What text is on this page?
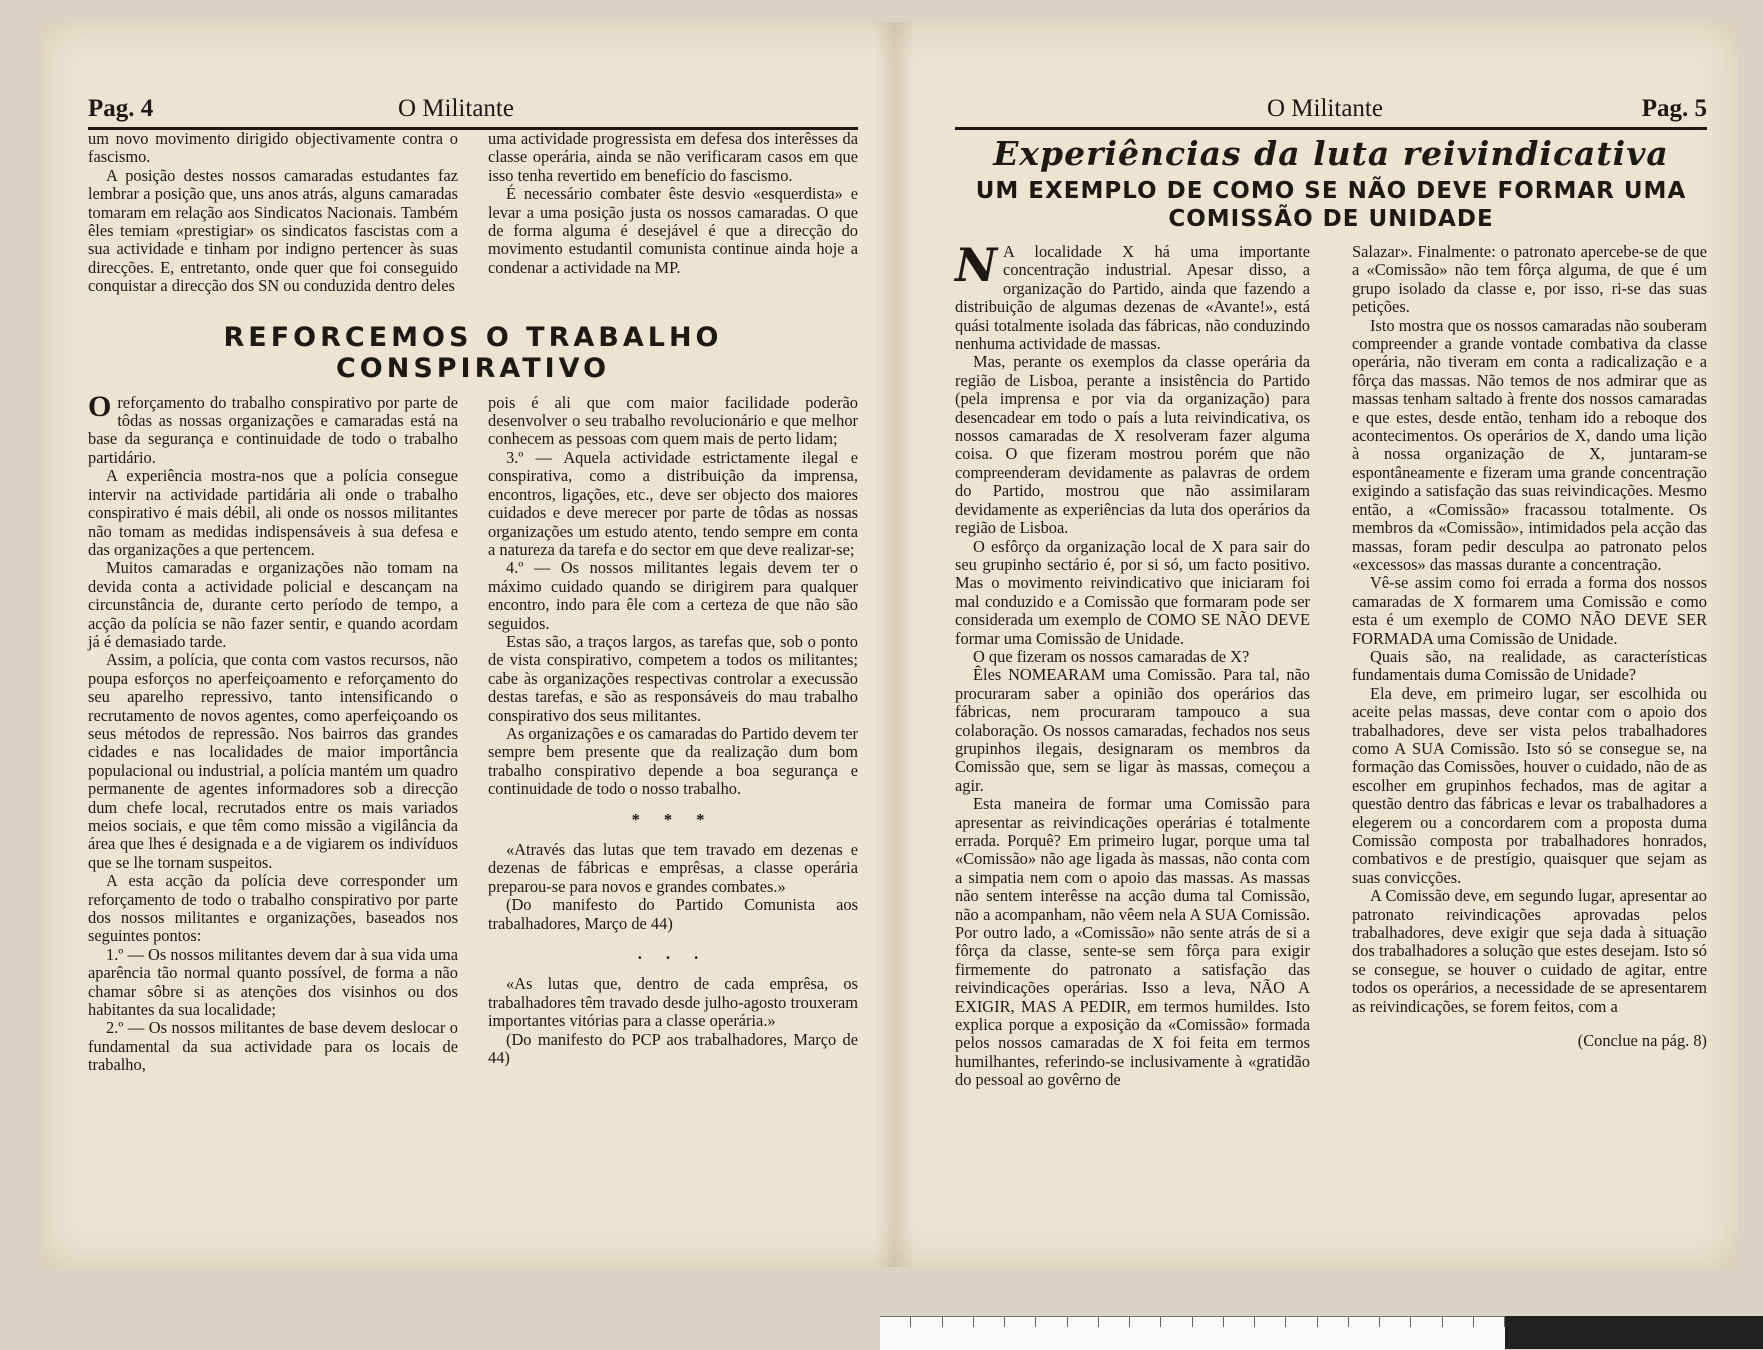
Pag. 4	O Militante

um novo movimento dirigido objectivamente contra o fascismo.

A posição destes nossos camaradas estudantes faz lembrar a posição que, uns anos atrás, alguns camaradas tomaram em relação aos Sindicatos Nacionais. Também êles temiam «prestigiar» os sindicatos fascistas com a sua actividade e tinham por indigno pertencer às suas direcções. E, entretanto, onde quer que foi conseguido conquistar a direcção dos SN ou conduzida dentro deles

uma actividade progressista em defesa dos interêsses da classe operária, ainda se não verificaram casos em que isso tenha revertido em benefício do fascismo.

É necessário combater êste desvio «esquerdista» e levar a uma posição justa os nossos camaradas. O que de forma alguma é desejável é que a direcção do movimento estudantil comunista continue ainda hoje a condenar a actividade na MP.

REFORCEMOS O TRABALHO CONSPIRATIVO

Oreforçamento do trabalho conspirativo por parte de tôdas as nossas organizações e camaradas está na base da segurança e continuidade de todo o trabalho partidário.

A experiência mostra-nos que a polícia consegue intervir na actividade partidária ali onde o trabalho conspirativo é mais débil, ali onde os nossos militantes não tomam as medidas indispensáveis à sua defesa e das organizações a que pertencem.

Muitos camaradas e organizações não tomam na devida conta a actividade policial e descançam na circunstância de, durante certo período de tempo, a acção da polícia se não fazer sentir, e quando acordam já é demasiado tarde.

Assim, a polícia, que conta com vastos recursos, não poupa esforços no aperfeiçoamento e reforçamento do seu aparelho repressivo, tanto intensificando o recrutamento de novos agentes, como aperfeiçoando os seus métodos de repressão. Nos bairros das grandes cidades e nas localidades de maior importância populacional ou industrial, a polícia mantém um quadro permanente de agentes informadores sob a direcção dum chefe local, recrutados entre os mais variados meios sociais, e que têm como missão a vigilância da área que lhes é designada e a de vigiarem os indivíduos que se lhe tornam suspeitos.

A esta acção da polícia deve corresponder um reforçamento de todo o trabalho conspirativo por parte dos nossos militantes e organizações, baseados nos seguintes pontos:

1.º — Os nossos militantes devem dar à sua vida uma aparência tão normal quanto possível, de forma a não chamar sôbre si as atenções dos visinhos ou dos habitantes da sua localidade;

2.º — Os nossos militantes de base devem deslocar o fundamental da sua actividade para os locais de trabalho,

pois é ali que com maior facilidade poderão desenvolver o seu trabalho revolucionário e que melhor conhecem as pessoas com quem mais de perto lidam;

3.º — Aquela actividade estrictamente ilegal e conspirativa, como a distribuição da imprensa, encontros, ligações, etc., deve ser objecto dos maiores cuidados e deve merecer por parte de tôdas as nossas organizações um estudo atento, tendo sempre em conta a natureza da tarefa e do sector em que deve realizar-se;

4.º — Os nossos militantes legais devem ter o máximo cuidado quando se dirigirem para qualquer encontro, indo para êle com a certeza de que não são seguidos.

Estas são, a traços largos, as tarefas que, sob o ponto de vista conspirativo, competem a todos os militantes; cabe às organizações respectivas controlar a execussão destas tarefas, e são as responsáveis do mau trabalho conspirativo dos seus militantes.

As organizações e os camaradas do Partido devem ter sempre bem presente que da realização dum bom trabalho conspirativo depende a boa segurança e continuidade de todo o nosso trabalho.

* * *

«Através das lutas que tem travado em dezenas e dezenas de fábricas e emprêsas, a classe operária preparou-se para novos e grandes combates.»

(Do manifesto do Partido Comunista aos trabalhadores, Março de 44)

. . .

«As lutas que, dentro de cada emprêsa, os trabalhadores têm travado desde julho-agosto trouxeram importantes vitórias para a classe operária.»

(Do manifesto do PCP aos trabalhadores, Março de 44)

O Militante	Pag. 5
Experiências da luta reivindicativa
UM EXEMPLO DE COMO SE NÃO DEVE FORMAR UMA COMISSÃO DE UNIDADE

N A localidade X há uma importante concentração industrial. Apesar disso, a organização do Partido, ainda que fazendo a distribuição de algumas dezenas de «Avante!», está quási totalmente isolada das fábricas, não conduzindo nenhuma actividade de massas.

Mas, perante os exemplos da classe operária da região de Lisboa, perante a insistência do Partido (pela imprensa e por via da organização) para desencadear em todo o país a luta reivindicativa, os nossos camaradas de X resolveram fazer alguma coisa. O que fizeram mostrou porém que não compreenderam devidamente as palavras de ordem do Partido, mostrou que não assimilaram devidamente as experiências da luta dos operários da região de Lisboa.

O esfôrço da organização local de X para sair do seu grupinho sectário é, por si só, um facto positivo. Mas o movimento reivindicativo que iniciaram foi mal conduzido e a Comissão que formaram pode ser considerada um exemplo de COMO SE NÃO DEVE formar uma Comissão de Unidade.

O que fizeram os nossos camaradas de X?

Êles NOMEARAM uma Comissão. Para tal, não procuraram saber a opinião dos operários das fábricas, nem procuraram tampouco a sua colaboração. Os nossos camaradas, fechados nos seus grupinhos ilegais, designaram os membros da Comissão que, sem se ligar às massas, começou a agir.

Esta maneira de formar uma Comissão para apresentar as reivindicações operárias é totalmente errada. Porquê? Em primeiro lugar, porque uma tal «Comissão» não age ligada às massas, não conta com a simpatia nem com o apoio das massas. As massas não sentem interêsse na acção duma tal Comissão, não a acompanham, não vêem nela A SUA Comissão. Por outro lado, a «Comissão» não sente atrás de si a fôrça da classe, sente-se sem fôrça para exigir firmemente do patronato a satisfação das reivindicações operárias. Isso a leva, NÃO A EXIGIR, MAS A PEDIR, em termos humildes. Isto explica porque a exposição da «Comissão» formada pelos nossos camaradas de X foi feita em termos humilhantes, referindo-se inclusivamente à «gratidão do pessoal ao govêrno de

Salazar». Finalmente: o patronato apercebe-se de que a «Comissão» não tem fôrça alguma, de que é um grupo isolado da classe e, por isso, ri-se das suas petições.

Isto mostra que os nossos camaradas não souberam compreender a grande vontade combativa da classe operária, não tiveram em conta a radicalização e a fôrça das massas. Não temos de nos admirar que as massas tenham saltado à frente dos nossos camaradas e que estes, desde então, tenham ido a reboque dos acontecimentos. Os operários de X, dando uma lição à nossa organização de X, juntaram-se espontâneamente e fizeram uma grande concentração exigindo a satisfação das suas reivindicações. Mesmo então, a «Comissão» fracassou totalmente. Os membros da «Comissão», intimidados pela acção das massas, foram pedir desculpa ao patronato pelos «excessos» das massas durante a concentração.

Vê-se assim como foi errada a forma dos nossos camaradas de X formarem uma Comissão e como esta é um exemplo de COMO NÃO DEVE SER FORMADA uma Comissão de Unidade.

Quais são, na realidade, as características fundamentais duma Comissão de Unidade?

Ela deve, em primeiro lugar, ser escolhida ou aceite pelas massas, deve contar com o apoio dos trabalhadores, deve ser vista pelos trabalhadores como A SUA Comissão. Isto só se consegue se, na formação das Comissões, houver o cuidado, não de as escolher em grupinhos fechados, mas de agitar a questão dentro das fábricas e levar os trabalhadores a elegerem ou a concordarem com a proposta duma Comissão composta por trabalhadores honrados, combativos e de prestígio, quaisquer que sejam as suas convicções.

A Comissão deve, em segundo lugar, apresentar ao patronato reivindicações aprovadas pelos trabalhadores, deve exigir que seja dada à situação dos trabalhadores a solução que estes desejam. Isto só se consegue, se houver o cuidado de agitar, entre todos os operários, a necessidade de se apresentarem as reivindicações, se forem feitos, com a

(Conclue na pág. 8)
